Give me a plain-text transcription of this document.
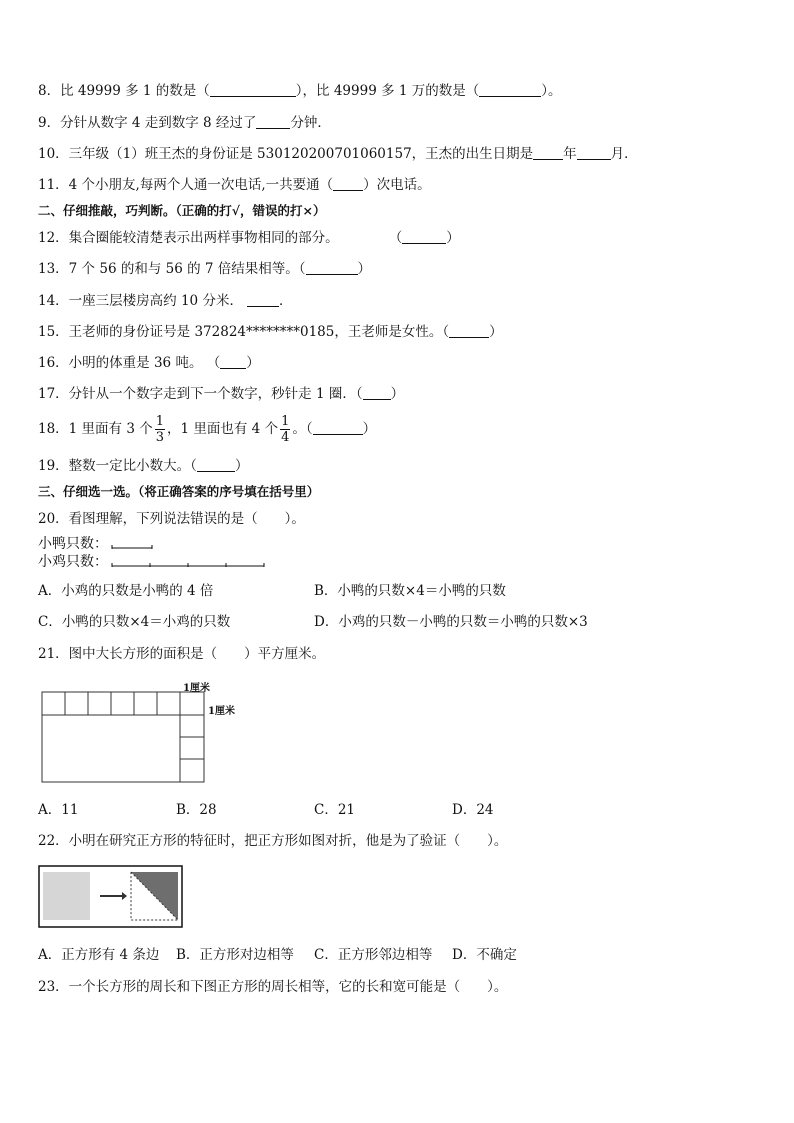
8．比 49999 多 1 的数是（	），比 49999 多 1 万的数是（	）。
9．分针从数字 4 走到数字 8 经过了	分钟．
10．三年级（1）班王杰的身份证是 530120200701060157，王杰的出生日期是 年	月．
11．4 个小朋友,每两个人通一次电话,一共要通（ ）次电话。
二、仔细推敲，巧判断。（正确的打√，错误的打×）
12．集合圈能较清楚表示出两样事物相同的部分。	（	）
13．7 个 56 的和与 56 的 7 倍结果相等。（	）
14．一座三层楼房高约 10 分米．	．
15．王老师的身份证号是 372824********0185，王老师是女性。（	）
16．小明的体重是 36 吨。 （ ）
17．分针从一个数字走到下一个数字，秒针走 1 圈．（ ）
18．1 里面有 3 个 $\frac{1}{3}$ ，1 里面也有 4 个 $\frac{1}{4}$ 。（	）
19．整数一定比小数大。（	）
三、仔细选一选。（将正确答案的序号填在括号里）
20．看图理解，下列说法错误的是（　　）。
小鸭只数：
小鸡只数：
A．小鸡的只数是小鸭的 4 倍	B．小鸭的只数×4＝小鸭的只数
C．小鸭的只数×4＝小鸡的只数	D．小鸡的只数－小鸭的只数＝小鸭的只数×3
21．图中大长方形的面积是（　　）平方厘米。
1厘米
1厘米
A．11	B．28	C．21	D．24
22．小明在研究正方形的特征时，把正方形如图对折，他是为了验证（　　）。
A．正方形有 4 条边 B．正方形对边相等 C．正方形邻边相等 D．不确定
23．一个长方形的周长和下图正方形的周长相等，它的长和宽可能是（　　）。
